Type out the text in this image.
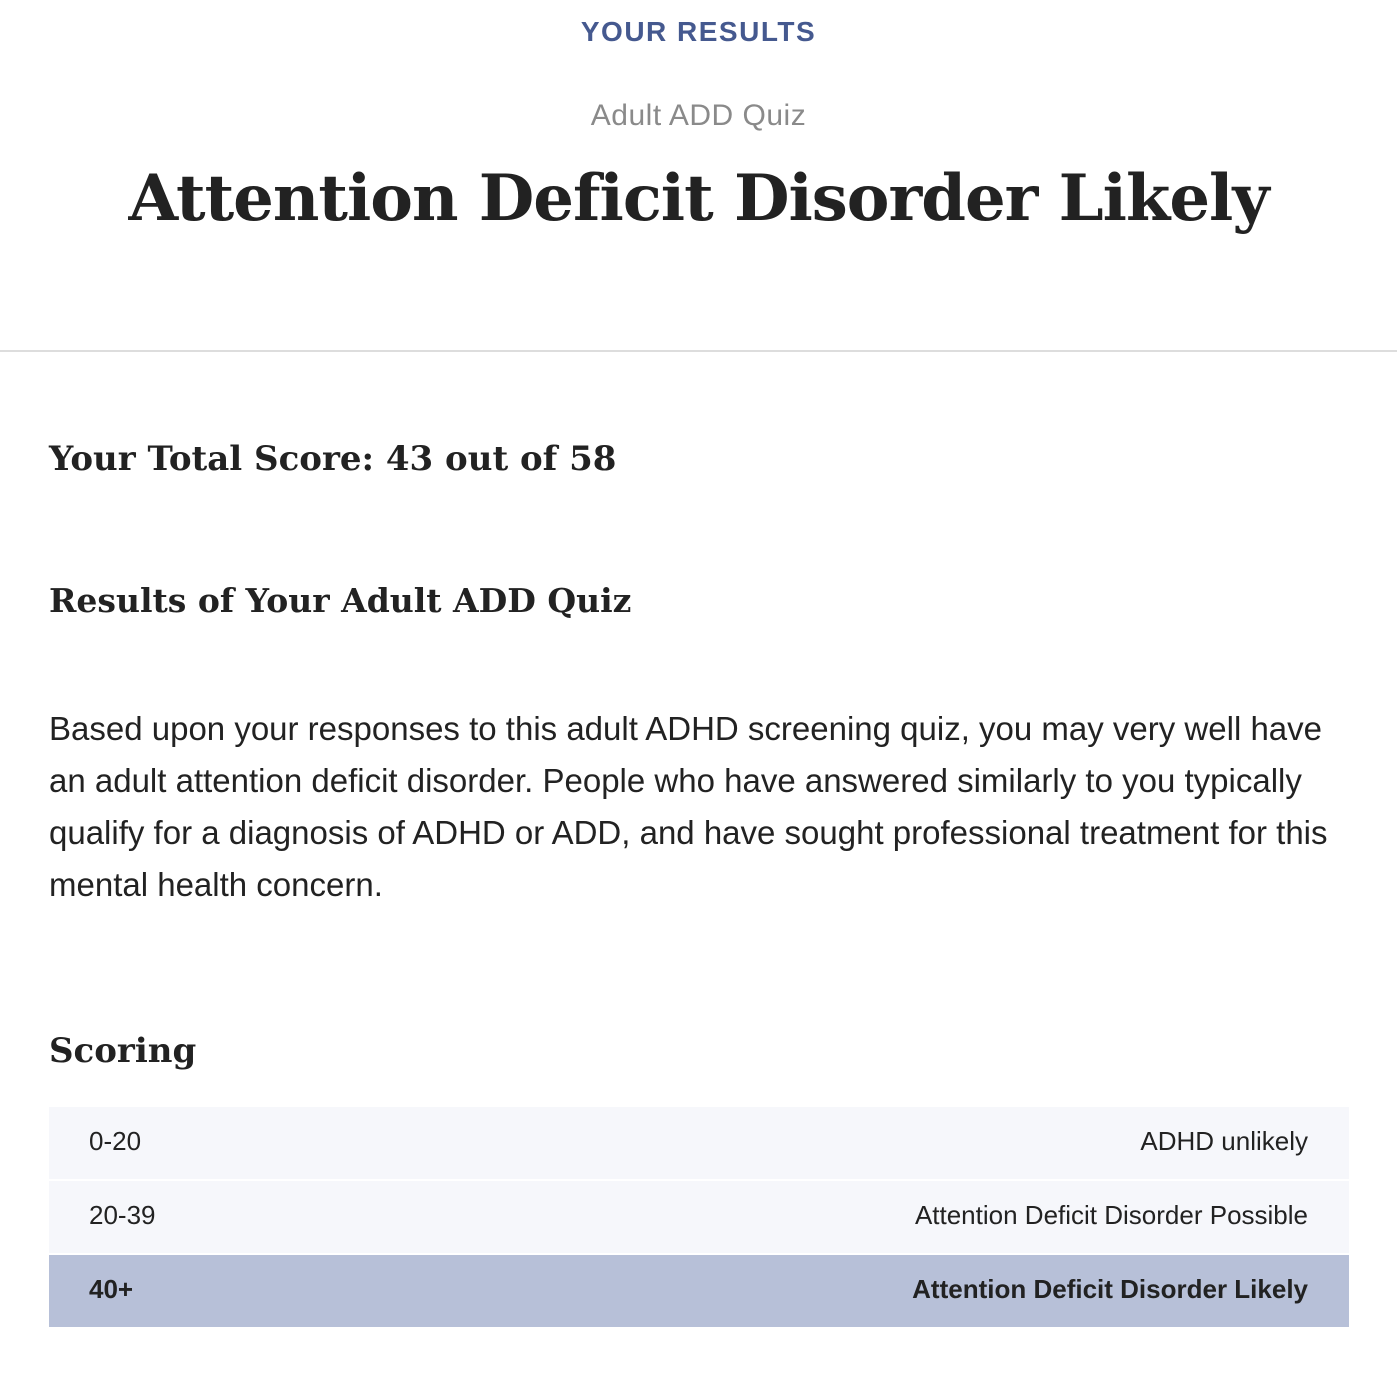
YOUR RESULTS
Adult ADD Quiz
Attention Deficit Disorder Likely
Your Total Score: 43 out of 58
Results of Your Adult ADD Quiz

Based upon your responses to this adult ADHD screening quiz, you may very well have an adult attention deficit disorder. People who have answered similarly to you typically qualify for a diagnosis of ADHD or ADD, and have sought professional treatment for this mental health concern.

Scoring
0-20	ADHD unlikely
20-39	Attention Deficit Disorder Possible
40+	Attention Deficit Disorder Likely
